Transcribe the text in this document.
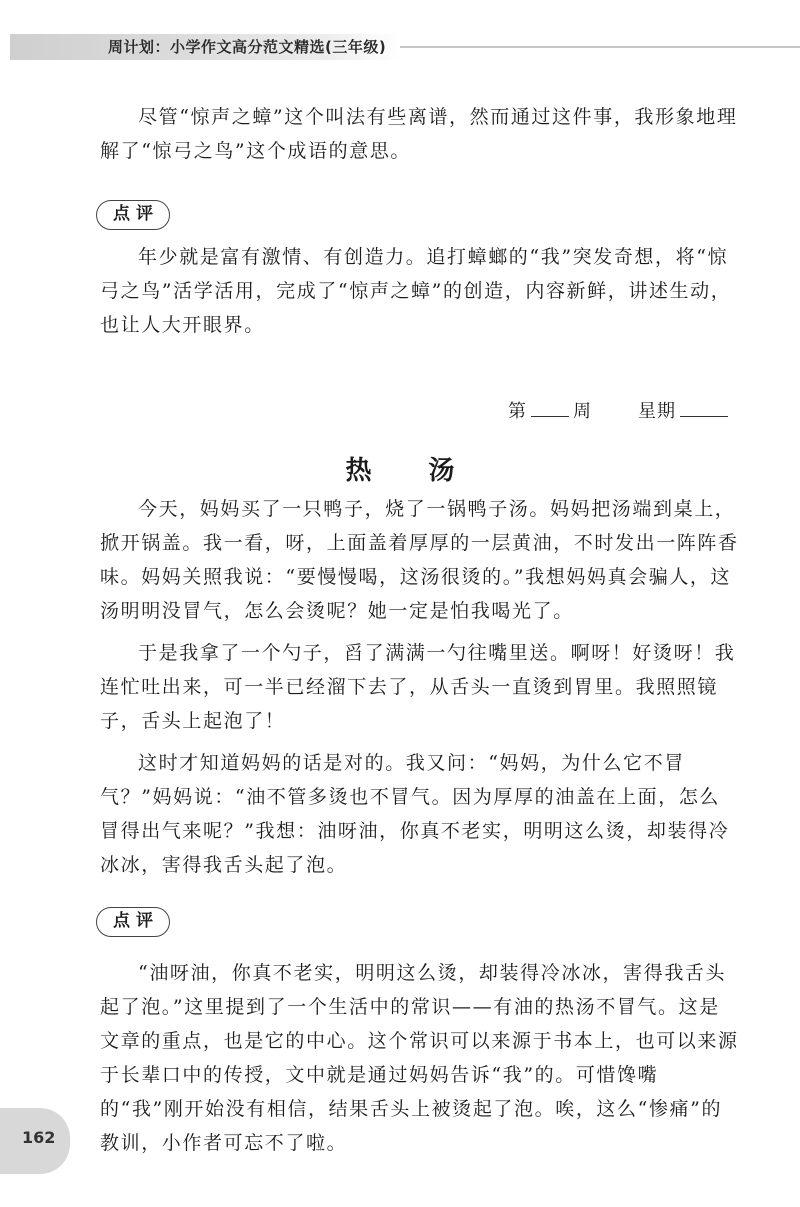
周计划：小学作文高分范文精选(三年级)

尽管“惊声之蟑”这个叫法有些离谱，然而通过这件事，我形象地理解了“惊弓之鸟”这个成语的意思。

点评

年少就是富有激情、有创造力。追打蟑螂的“我”突发奇想，将“惊弓之鸟”活学活用，完成了“惊声之蟑”的创造，内容新鲜，讲述生动，也让人大开眼界。

第	周	星期
热 汤

今天，妈妈买了一只鸭子，烧了一锅鸭子汤。妈妈把汤端到桌上，掀开锅盖。我一看，呀，上面盖着厚厚的一层黄油，不时发出一阵阵香味。妈妈关照我说：“要慢慢喝，这汤很烫的。”我想妈妈真会骗人，这汤明明没冒气，怎么会烫呢？她一定是怕我喝光了。

于是我拿了一个勺子，舀了满满一勺往嘴里送。啊呀！好烫呀！我连忙吐出来，可一半已经溜下去了，从舌头一直烫到胃里。我照照镜子，舌头上起泡了！

这时才知道妈妈的话是对的。我又问：“妈妈，为什么它不冒气？”妈妈说：“油不管多烫也不冒气。因为厚厚的油盖在上面，怎么冒得出气来呢？”我想：油呀油，你真不老实，明明这么烫，却装得冷冰冰，害得我舌头起了泡。

点评

“油呀油，你真不老实，明明这么烫，却装得冷冰冰，害得我舌头起了泡。”这里提到了一个生活中的常识——有油的热汤不冒气。这是文章的重点，也是它的中心。这个常识可以来源于书本上，也可以来源于长辈口中的传授，文中就是通过妈妈告诉“我”的。可惜馋嘴的“我”刚开始没有相信，结果舌头上被烫起了泡。唉，这么“惨痛”的教训，小作者可忘不了啦。

162
